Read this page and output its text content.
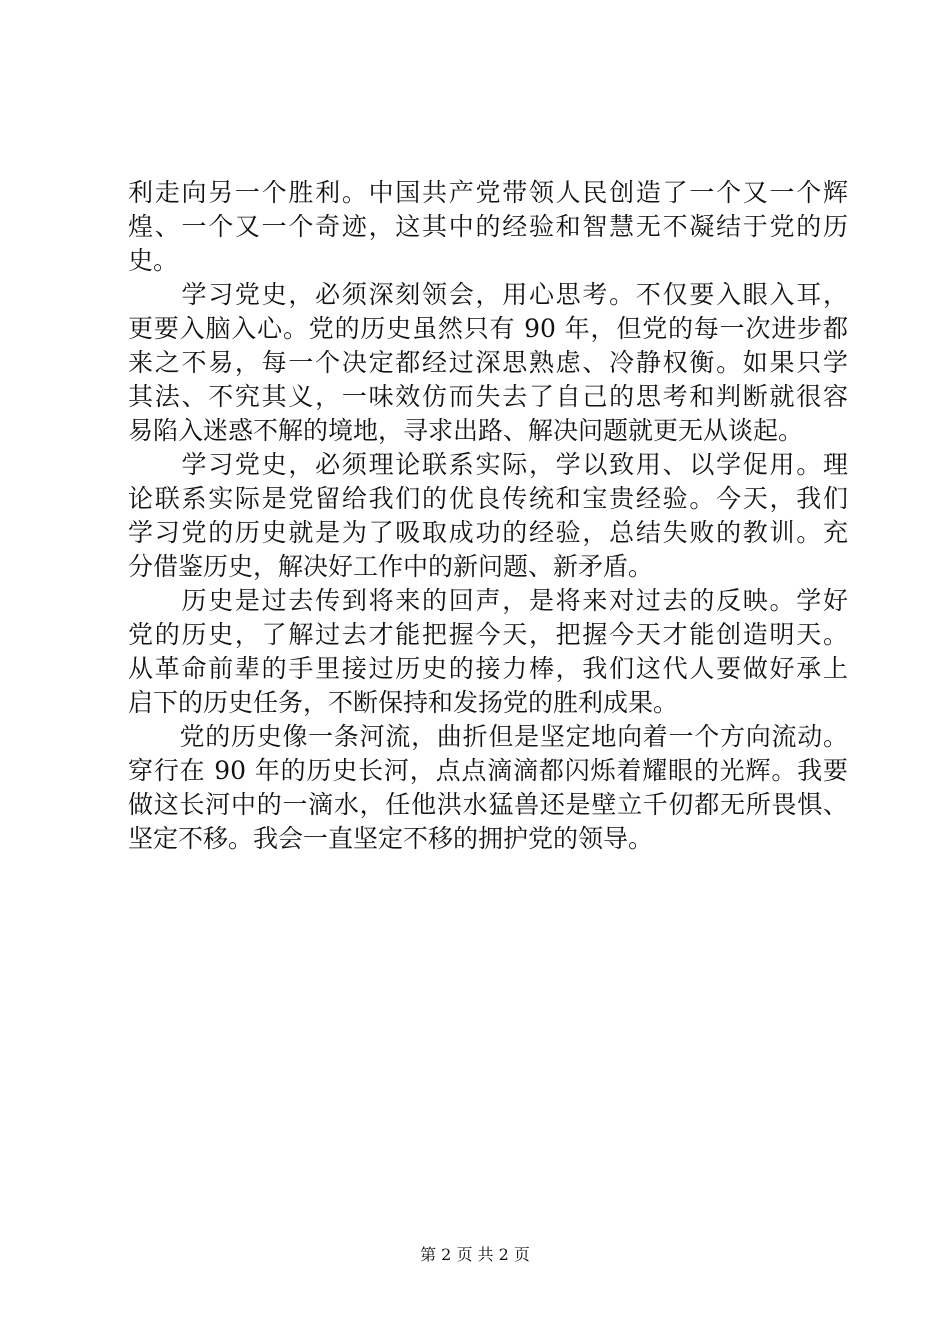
利走向另一个胜利。中国共产党带领人民创造了一个又一个辉
煌、一个又一个奇迹，这其中的经验和智慧无不凝结于党的历
史。
　　学习党史，必须深刻领会，用心思考。不仅要入眼入耳，
更要入脑入心。党的历史虽然只有 90 年，但党的每一次进步都
来之不易，每一个决定都经过深思熟虑、冷静权衡。如果只学
其法、不究其义，一味效仿而失去了自己的思考和判断就很容
易陷入迷惑不解的境地，寻求出路、解决问题就更无从谈起。
　　学习党史，必须理论联系实际，学以致用、以学促用。理
论联系实际是党留给我们的优良传统和宝贵经验。今天，我们
学习党的历史就是为了吸取成功的经验，总结失败的教训。充
分借鉴历史，解决好工作中的新问题、新矛盾。
　　历史是过去传到将来的回声，是将来对过去的反映。学好
党的历史，了解过去才能把握今天，把握今天才能创造明天。
从革命前辈的手里接过历史的接力棒，我们这代人要做好承上
启下的历史任务，不断保持和发扬党的胜利成果。
　　党的历史像一条河流，曲折但是坚定地向着一个方向流动。
穿行在 90 年的历史长河，点点滴滴都闪烁着耀眼的光辉。我要
做这长河中的一滴水，任他洪水猛兽还是壁立千仞都无所畏惧、
坚定不移。我会一直坚定不移的拥护党的领导。
第 2 页 共 2 页
